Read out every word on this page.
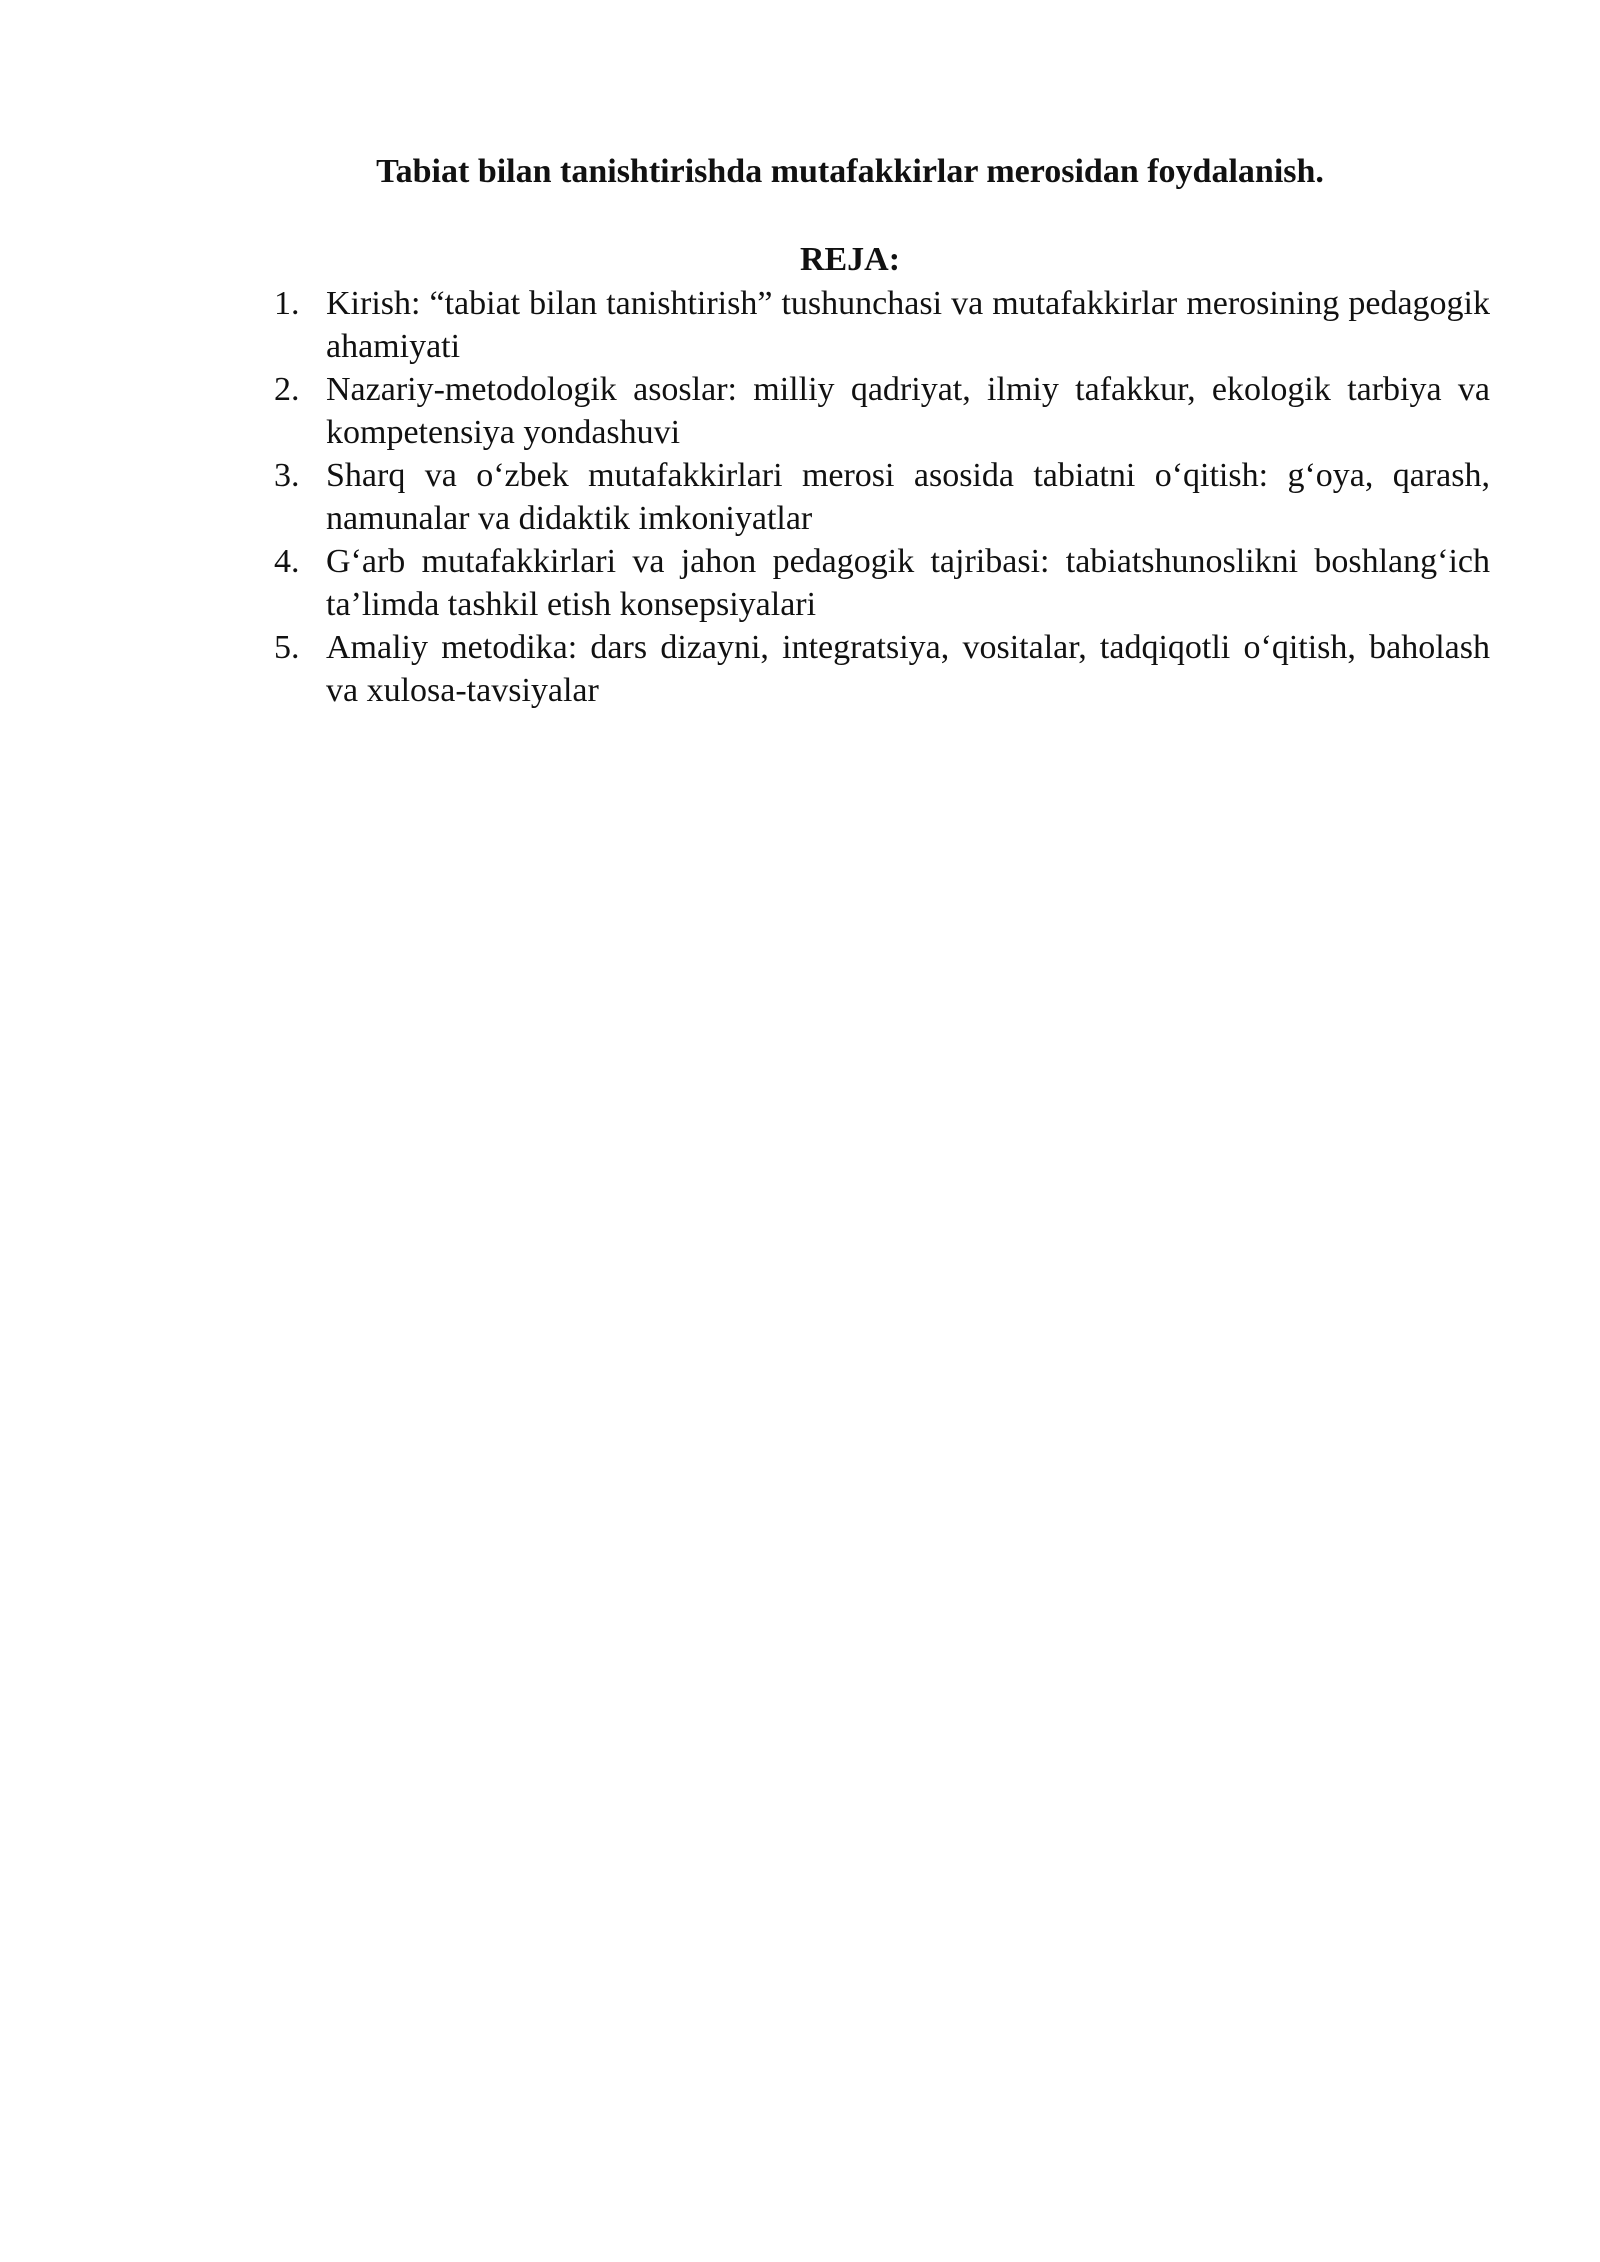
Tabiat bilan tanishtirishda mutafakkirlar merosidan foydalanish.
REJA:
1. Kirish: “tabiat bilan tanishtirish” tushunchasi va mutafakkirlar merosining pedagogik ahamiyati
2. Nazariy-metodologik asoslar: milliy qadriyat, ilmiy tafakkur, ekologik tarbiya va kompetensiya yondashuvi
3. Sharq va o‘zbek mutafakkirlari merosi asosida tabiatni o‘qitish: g‘oya, qarash, namunalar va didaktik imkoniyatlar
4. G‘arb mutafakkirlari va jahon pedagogik tajribasi: tabiatshunoslikni boshlang‘ich ta’limda tashkil etish konsepsiyalari
5. Amaliy metodika: dars dizayni, integratsiya, vositalar, tadqiqotli o‘qitish, baholash va xulosa-tavsiyalar
